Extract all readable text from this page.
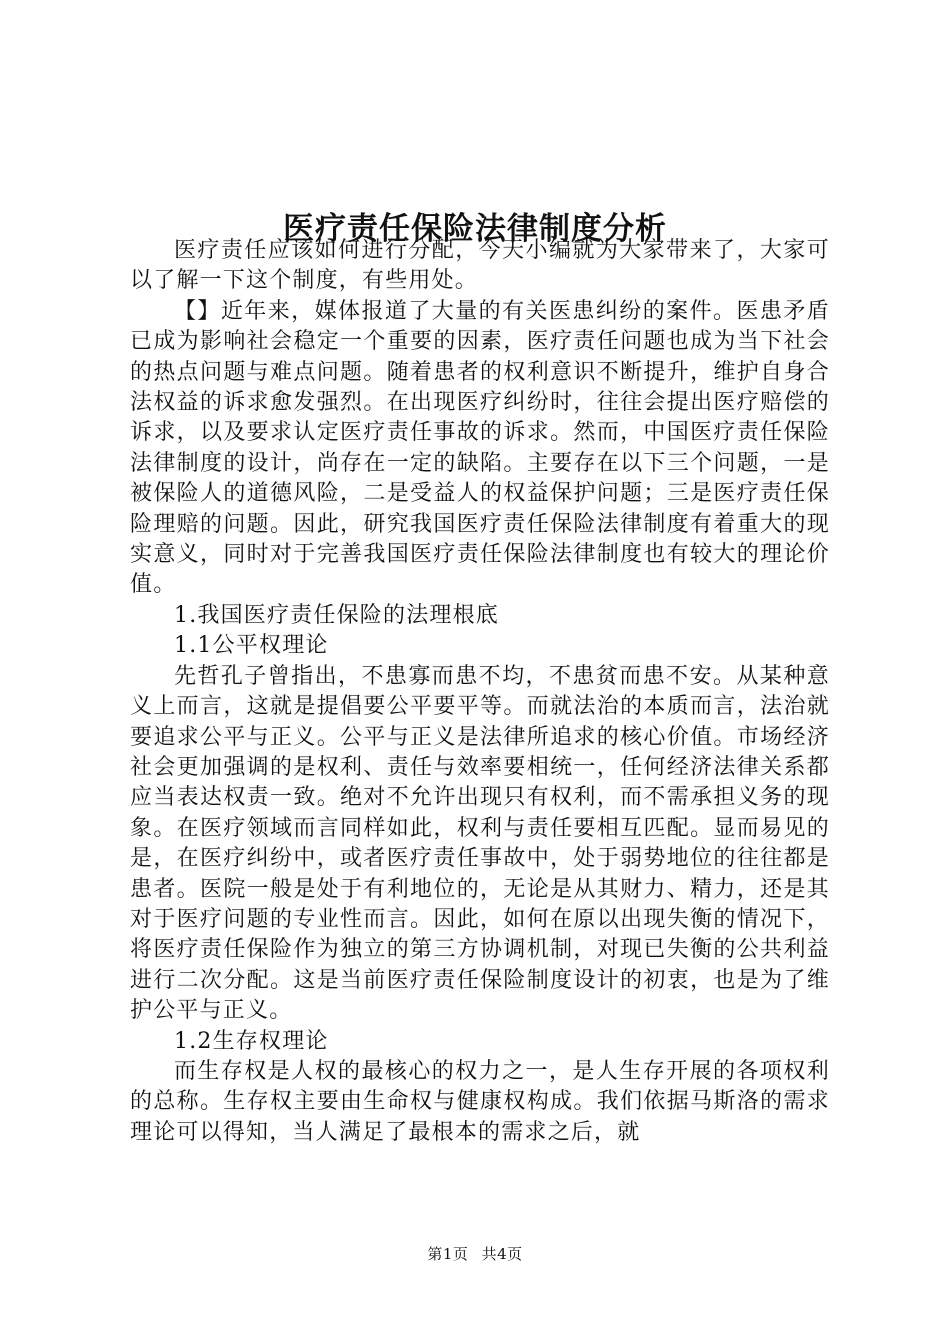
医疗责任保险法律制度分析

医疗责任应该如何进行分配，今天小编就为大家带来了，大家可以了解一下这个制度，有些用处。

【】近年来，媒体报道了大量的有关医患纠纷的案件。医患矛盾已成为影响社会稳定一个重要的因素，医疗责任问题也成为当下社会的热点问题与难点问题。随着患者的权利意识不断提升，维护自身合法权益的诉求愈发强烈。在出现医疗纠纷时，往往会提出医疗赔偿的诉求，以及要求认定医疗责任事故的诉求。然而，中国医疗责任保险法律制度的设计，尚存在一定的缺陷。主要存在以下三个问题，一是被保险人的道德风险，二是受益人的权益保护问题；三是医疗责任保险理赔的问题。因此，研究我国医疗责任保险法律制度有着重大的现实意义，同时对于完善我国医疗责任保险法律制度也有较大的理论价值。

1.我国医疗责任保险的法理根底

1.1公平权理论

先哲孔子曾指出，不患寡而患不均，不患贫而患不安。从某种意义上而言，这就是提倡要公平要平等。而就法治的本质而言，法治就要追求公平与正义。公平与正义是法律所追求的核心价值。市场经济社会更加强调的是权利、责任与效率要相统一，任何经济法律关系都应当表达权责一致。绝对不允许出现只有权利，而不需承担义务的现象。在医疗领域而言同样如此，权利与责任要相互匹配。显而易见的是，在医疗纠纷中，或者医疗责任事故中，处于弱势地位的往往都是患者。医院一般是处于有利地位的，无论是从其财力、精力，还是其对于医疗问题的专业性而言。因此，如何在原以出现失衡的情况下，将医疗责任保险作为独立的第三方协调机制，对现已失衡的公共利益进行二次分配。这是当前医疗责任保险制度设计的初衷，也是为了维护公平与正义。

1.2生存权理论

而生存权是人权的最核心的权力之一，是人生存开展的各项权利的总称。生存权主要由生命权与健康权构成。我们依据马斯洛的需求理论可以得知，当人满足了最根本的需求之后，就

第1页 共4页
